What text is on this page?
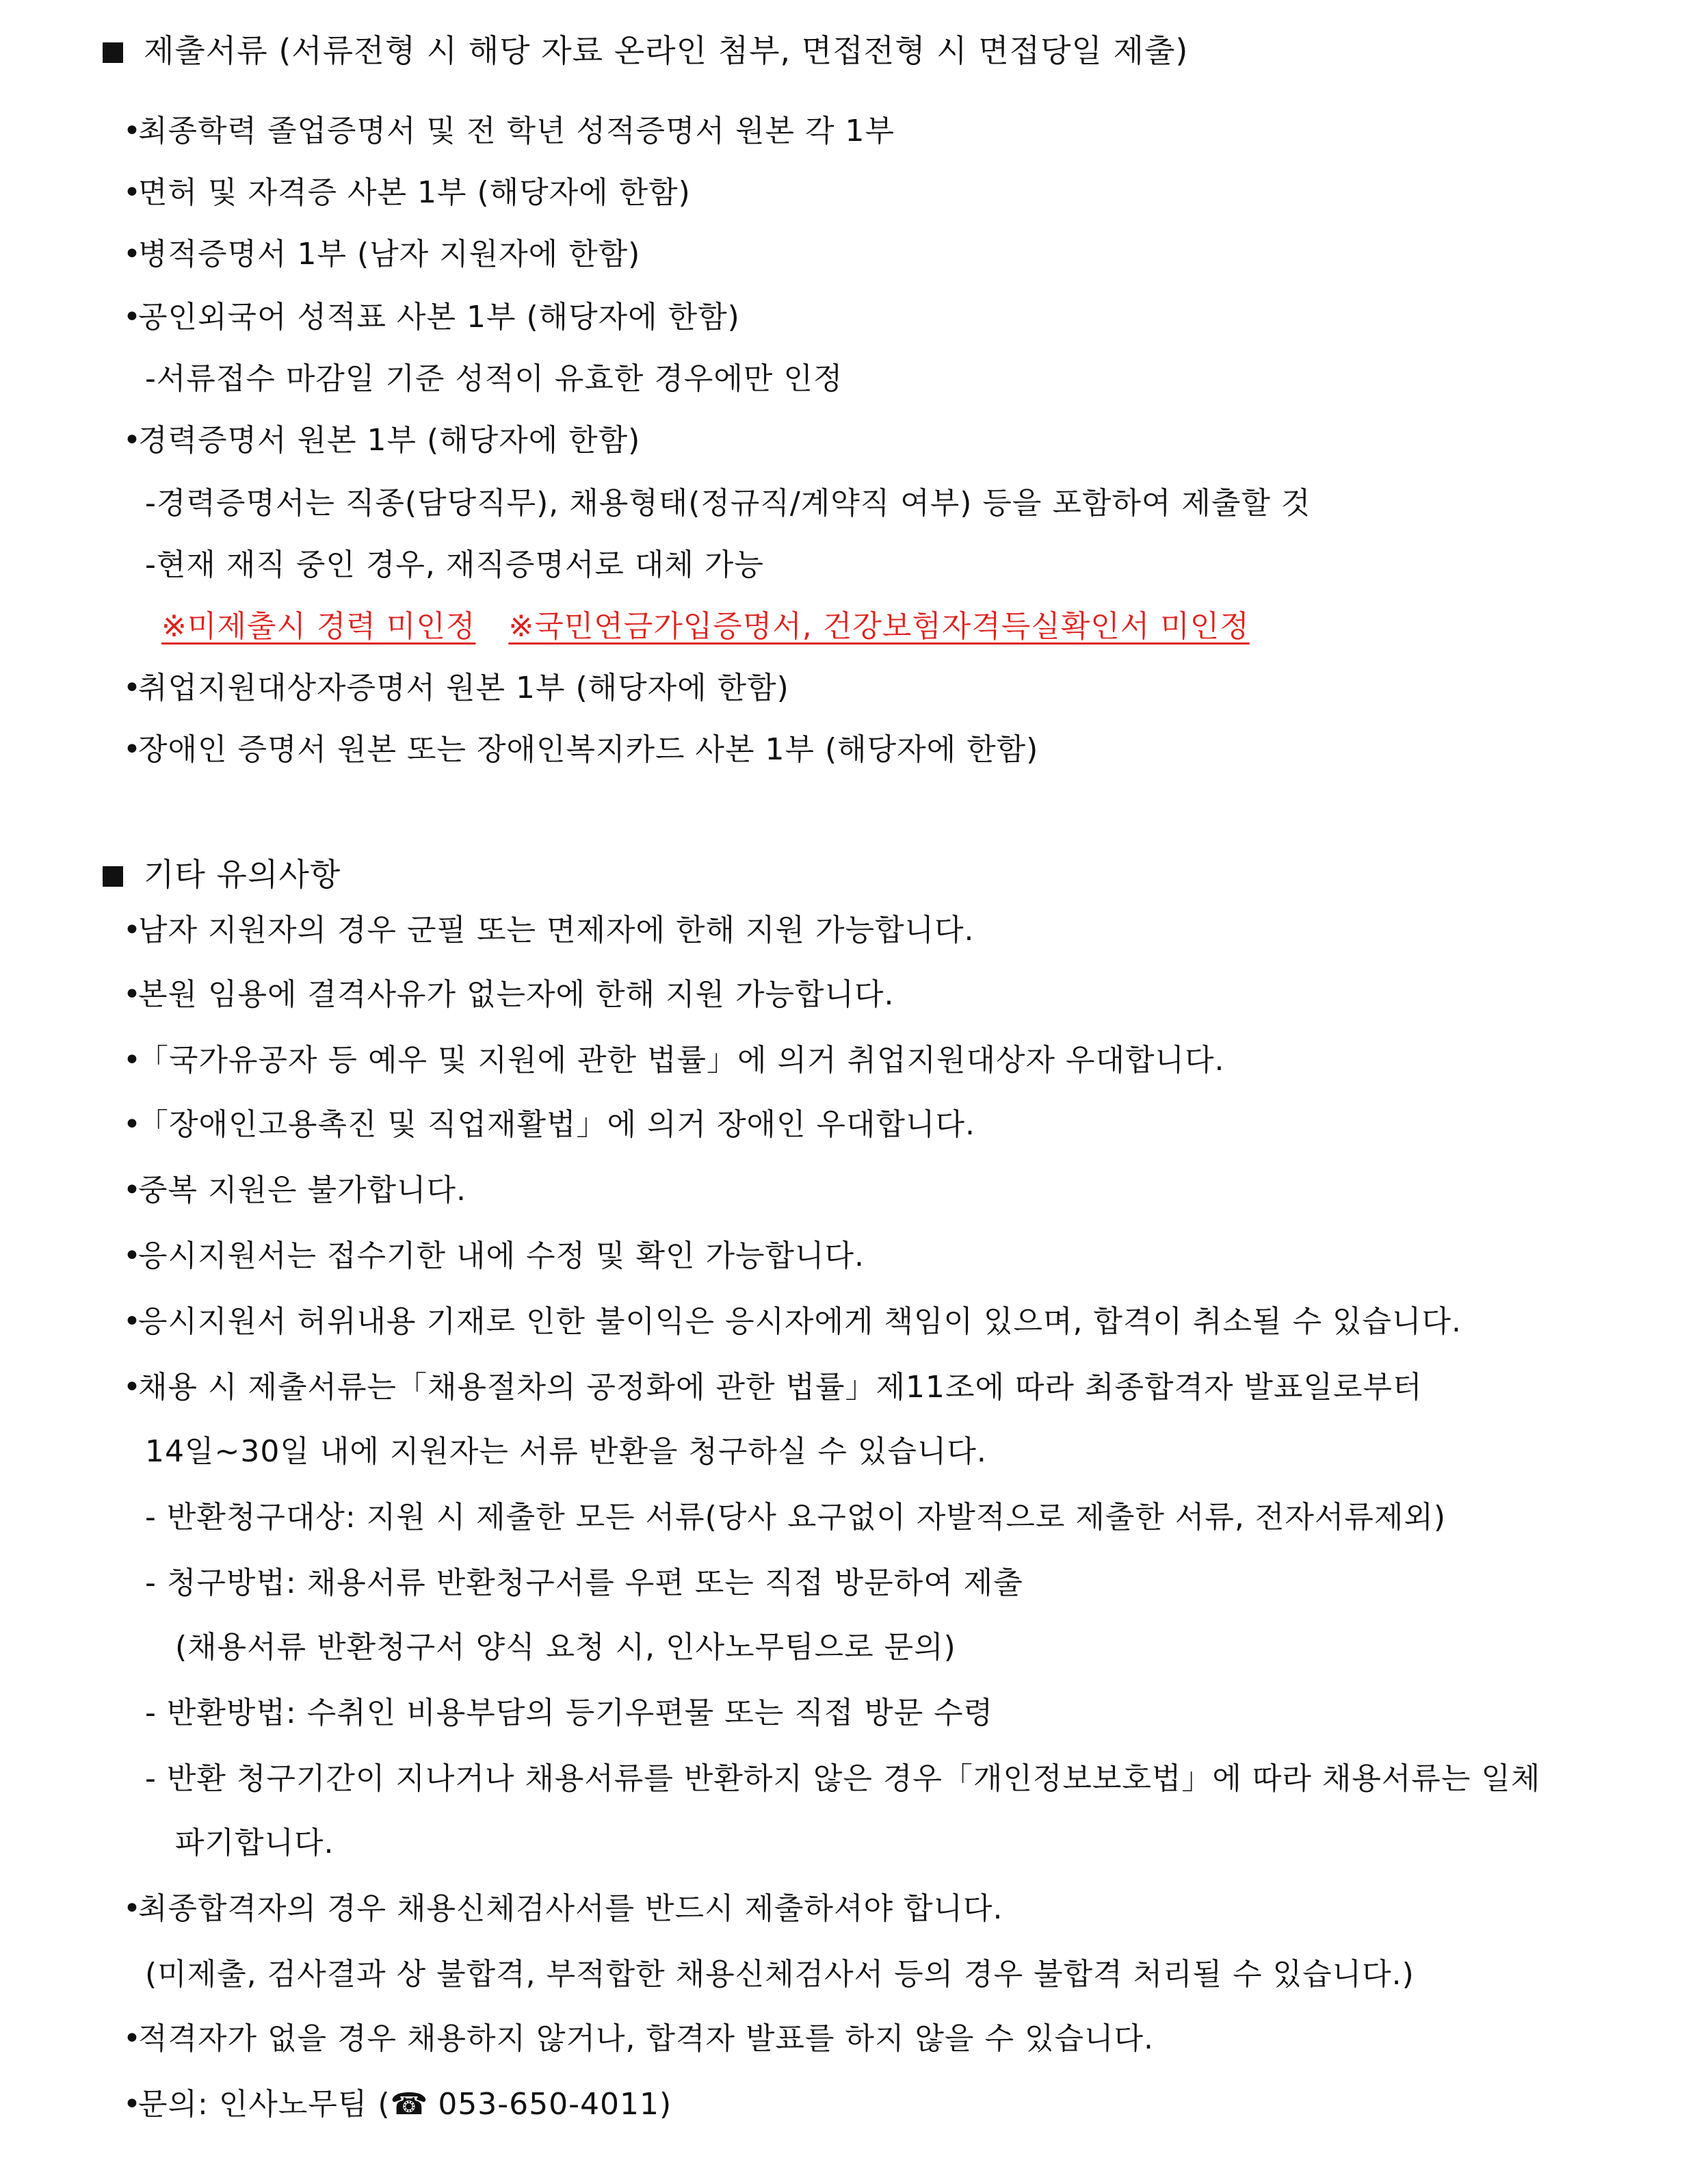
제출서류 (서류전형 시 해당 자료 온라인 첨부, 면접전형 시 면접당일 제출)
•최종학력 졸업증명서 및 전 학년 성적증명서 원본 각 1부
•면허 및 자격증 사본 1부 (해당자에 한함)
•병적증명서 1부 (남자 지원자에 한함)
•공인외국어 성적표 사본 1부 (해당자에 한함)
-서류접수 마감일 기준 성적이 유효한 경우에만 인정
•경력증명서 원본 1부 (해당자에 한함)
-경력증명서는 직종(담당직무), 채용형태(정규직/계약직 여부) 등을 포함하여 제출할 것
-현재 재직 중인 경우, 재직증명서로 대체 가능
※미제출시 경력 미인정 ※국민연금가입증명서, 건강보험자격득실확인서 미인정
•취업지원대상자증명서 원본 1부 (해당자에 한함)
•장애인 증명서 원본 또는 장애인복지카드 사본 1부 (해당자에 한함)
기타 유의사항
•남자 지원자의 경우 군필 또는 면제자에 한해 지원 가능합니다.
•본원 임용에 결격사유가 없는자에 한해 지원 가능합니다.
•「국가유공자 등 예우 및 지원에 관한 법률」에 의거 취업지원대상자 우대합니다.
•「장애인고용촉진 및 직업재활법」에 의거 장애인 우대합니다.
•중복 지원은 불가합니다.
•응시지원서는 접수기한 내에 수정 및 확인 가능합니다.
•응시지원서 허위내용 기재로 인한 불이익은 응시자에게 책임이 있으며, 합격이 취소될 수 있습니다.
•채용 시 제출서류는「채용절차의 공정화에 관한 법률」제11조에 따라 최종합격자 발표일로부터
14일~30일 내에 지원자는 서류 반환을 청구하실 수 있습니다.
- 반환청구대상: 지원 시 제출한 모든 서류(당사 요구없이 자발적으로 제출한 서류, 전자서류제외)
- 청구방법: 채용서류 반환청구서를 우편 또는 직접 방문하여 제출
(채용서류 반환청구서 양식 요청 시, 인사노무팀으로 문의)
- 반환방법: 수취인 비용부담의 등기우편물 또는 직접 방문 수령
- 반환 청구기간이 지나거나 채용서류를 반환하지 않은 경우「개인정보보호법」에 따라 채용서류는 일체
파기합니다.
•최종합격자의 경우 채용신체검사서를 반드시 제출하셔야 합니다.
(미제출, 검사결과 상 불합격, 부적합한 채용신체검사서 등의 경우 불합격 처리될 수 있습니다.)
•적격자가 없을 경우 채용하지 않거나, 합격자 발표를 하지 않을 수 있습니다.
•문의: 인사노무팀 (☎ 053-650-4011)
